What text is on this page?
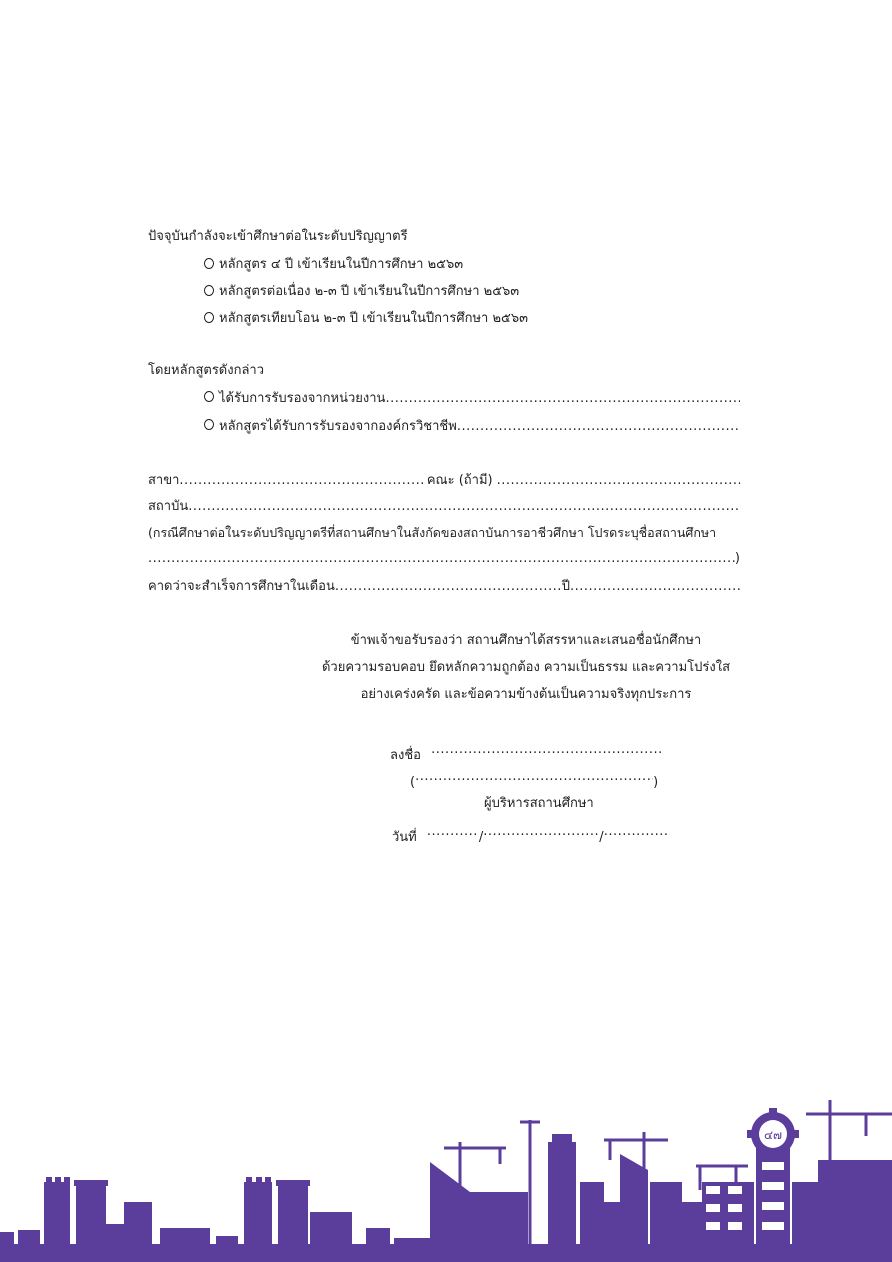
ปัจจุบันกำลังจะเข้าศึกษาต่อในระดับปริญญาตรี
หลักสูตร ๔ ปี เข้าเรียนในปีการศึกษา ๒๕๖๓
หลักสูตรต่อเนื่อง ๒-๓ ปี เข้าเรียนในปีการศึกษา ๒๕๖๓
หลักสูตรเทียบโอน ๒-๓ ปี เข้าเรียนในปีการศึกษา ๒๕๖๓
โดยหลักสูตรดังกล่าว
ได้รับการรับรองจากหน่วยงาน
.....
หลักสูตรได้รับการรับรองจากองค์กรวิชาชีพ
.....
สาขา .....	คณะ (ถ้ามี)
.....
สถาบัน
.....
(กรณีศึกษาต่อในระดับปริญญาตรีที่สถานศึกษาในสังกัดของสถาบันการอาชีวศึกษา โปรดระบุชื่อสถานศึกษา
.....
)
คาดว่าจะสำเร็จการศึกษาในเดือน .....	ปี
.....
ข้าพเจ้าขอรับรองว่า สถานศึกษาได้สรรหาและเสนอชื่อนักศึกษา
ด้วยความรอบคอบ ยึดหลักความถูกต้อง ความเป็นธรรม และความโปร่งใส
อย่างเคร่งครัด และข้อความข้างต้นเป็นความจริงทุกประการ
ลงชื่อ .....
( .....	)
ผู้บริหารสถานศึกษา
วันที่ .....	/ .....	/.....
๔๗
